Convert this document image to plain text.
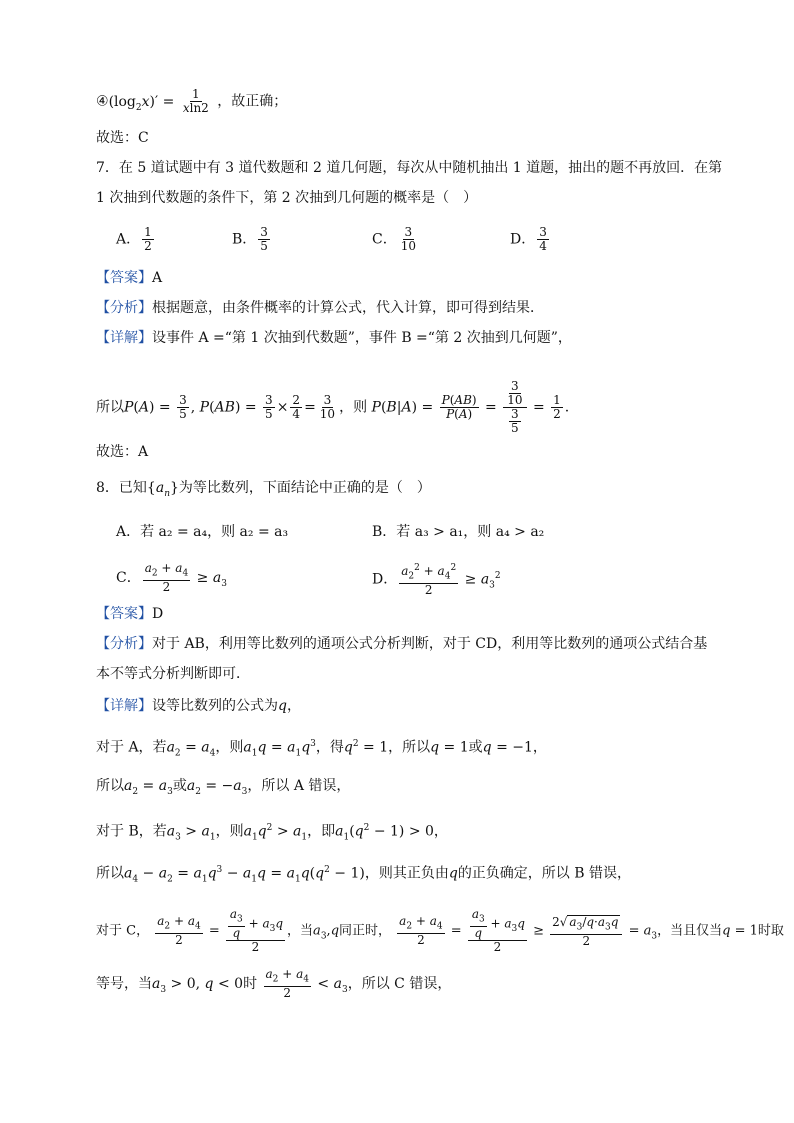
$④(\log_2x)' = \frac{1}{xln2}$ ，故正确；
故选：C
7．在 5 道试题中有 3 道代数题和 2 道几何题，每次从中随机抽出 1 道题，抽出的题不再放回．在第
1 次抽到代数题的条件下，第 2 次抽到几何题的概率是（　）
A． $\frac{1}{2}$	B． $\frac{3}{5}$	C． $\frac{3}{10}$	D． $\frac{3}{4}$
【答案】A
【分析】根据题意，由条件概率的计算公式，代入计算，即可得到结果．
【详解】设事件 A =“第 1 次抽到代数题”，事件 B =“第 2 次抽到几何题”，
所以$P(A) = \frac{3}{5}$ , $P(AB) = \frac{3}{5} \times \frac{2}{4} = \frac{3}{10}$ ，则 $P(B|A) = \frac{P(AB)}{P(A)} = \frac{\frac{3}{10}}{\frac{3}{5}} = \frac{1}{2}$ .
故选：A
8．已知$\{a_n\}$为等比数列，下面结论中正确的是（　）
A．若 a₂ = a₄，则 a₂ = a₃	B．若 a₃ > a₁，则 a₄ > a₂
C． $\frac{a_2 + a_4}{2} \ge a_3$	D． $\frac{a_2^2 + a_4^2}{2} \ge a_3^2$
【答案】D
【分析】对于 AB，利用等比数列的通项公式分析判断，对于 CD，利用等比数列的通项公式结合基
本不等式分析判断即可．
【详解】设等比数列的公式为q，
对于 A，若$a_2 = a_4$，则$a_1q = a_1q^3$，得$q^2 = 1$，所以q = 1或q = −1，
所以$a_2 = a_3$或$a_2 = -a_3$，所以 A 错误，
对于 B，若$a_3 > a_1$，则$a_1q^2 > a_1$，即$a_1(q^2 - 1) > 0$，
所以$a_4 - a_2 = a_1q^3 - a_1q = a_1q(q^2 - 1)$，则其正负由q的正负确定，所以 B 错误，
对于 C， $\frac{a_2 + a_4}{2} = \frac{\frac{a_3}{q} + a_3q}{2}$ ，当$a_3,q$同正时， $\frac{a_2 + a_4}{2} = \frac{\frac{a_3}{q} + a_3q}{2} \ge \frac{2√ a_3/q\cdot a_3q}{2} = a_3$，当且仅当q = 1时取
等号，当$a_3 > 0$, q < 0时 $\frac{a_2 + a_4}{2} < a_3$，所以 C 错误，
